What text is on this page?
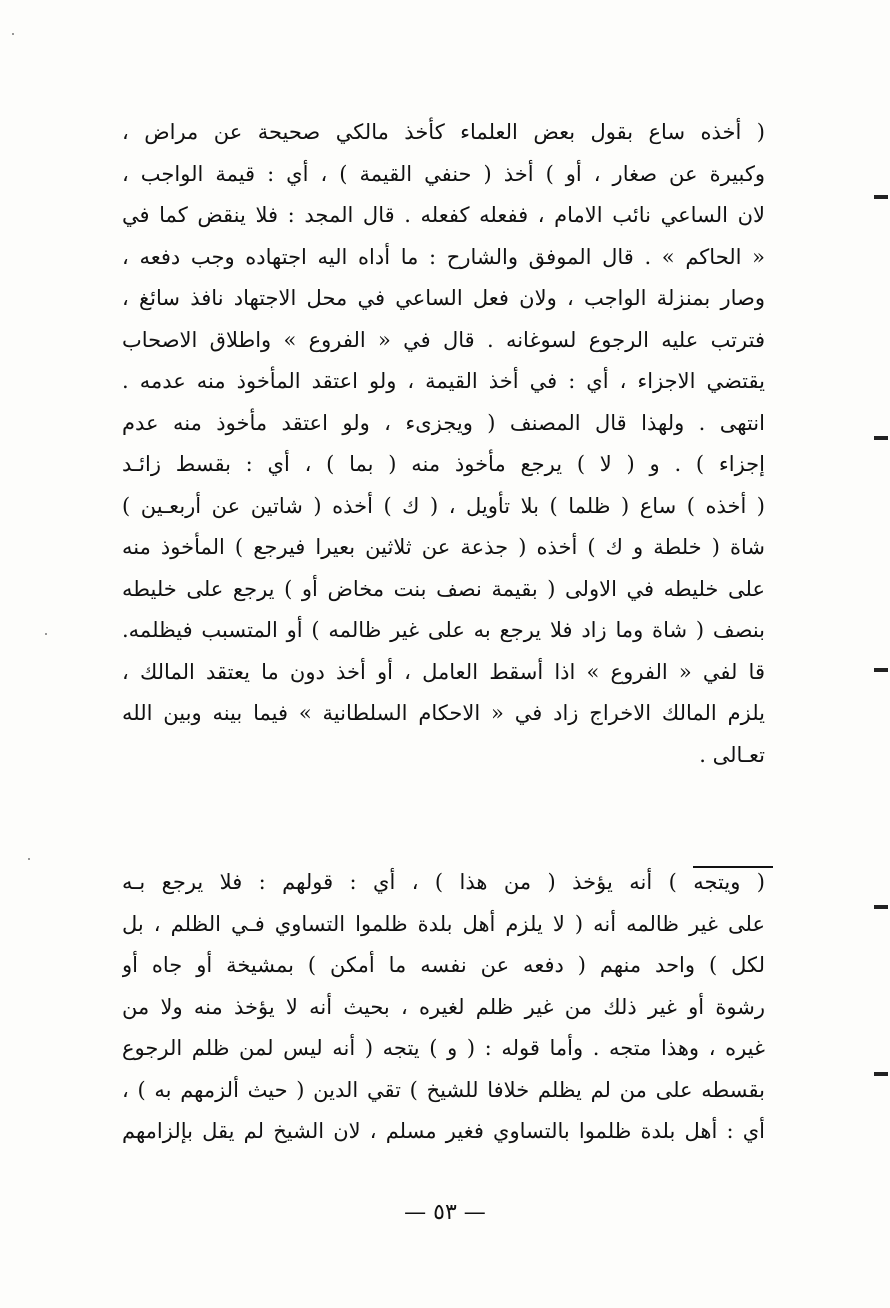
( أخذه ساع بقول بعض العلماء كأخذ مالكي صحيحة عن مراض ،
وكبيرة عن صغار ، أو ) أخذ ( حنفي القيمة ) ، أي : قيمة الواجب ،
لان الساعي نائب الامام ، ففعله كفعله . قال المجد : فلا ينقض كما في
« الحاكم » . قال الموفق والشارح : ما أداه اليه اجتهاده وجب دفعه ،
وصار بمنزلة الواجب ، ولان فعل الساعي في محل الاجتهاد نافذ سائغ ،
فترتب عليه الرجوع لسوغانه . قال في « الفروع » واطلاق الاصحاب
يقتضي الاجزاء ، أي : في أخذ القيمة ، ولو اعتقد المأخوذ منه عدمه .
انتهى . ولهذا قال المصنف ( ويجزىء ، ولو اعتقد مأخوذ منه عدم
إجزاء ) . و ( لا ) يرجع مأخوذ منه ( بما ) ، أي : بقسط زائـد
( أخذه ) ساع ( ظلما ) بلا تأويل ، ( ك ) أخذه ( شاتين عن أربعـين )
شاة ( خلطة و ك ) أخذه ( جذعة عن ثلاثين بعيرا فيرجع ) المأخوذ منه
على خليطه في الاولى ( بقيمة نصف بنت مخاض أو ) يرجع على خليطه
بنصف ( شاة وما زاد فلا يرجع به على غير ظالمه ) أو المتسبب فيظلمه.
قا لفي « الفروع » اذا أسقط العامل ، أو أخذ دون ما يعتقد المالك ،
يلزم المالك الاخراج زاد في « الاحكام السلطانية » فيما بينه وبين الله
تعـالى .
( ويتجه ) أنه يؤخذ ( من هذا ) ، أي : قولهم : فلا يرجع بـه
على غير ظالمه أنه ( لا يلزم أهل بلدة ظلموا التساوي فـي الظلم ، بل
لكل ) واحد منهم ( دفعه عن نفسه ما أمكن ) بمشيخة أو جاه أو
رشوة أو غير ذلك من غير ظلم لغيره ، بحيث أنه لا يؤخذ منه ولا من
غيره ، وهذا متجه . وأما قوله : ( و ) يتجه ( أنه ليس لمن ظلم الرجوع
بقسطه على من لم يظلم خلافا للشيخ ) تقي الدين ( حيث ألزمهم به ) ،
أي : أهل بلدة ظلموا بالتساوي فغير مسلم ، لان الشيخ لم يقل بإلزامهم
— ٥٣ —
